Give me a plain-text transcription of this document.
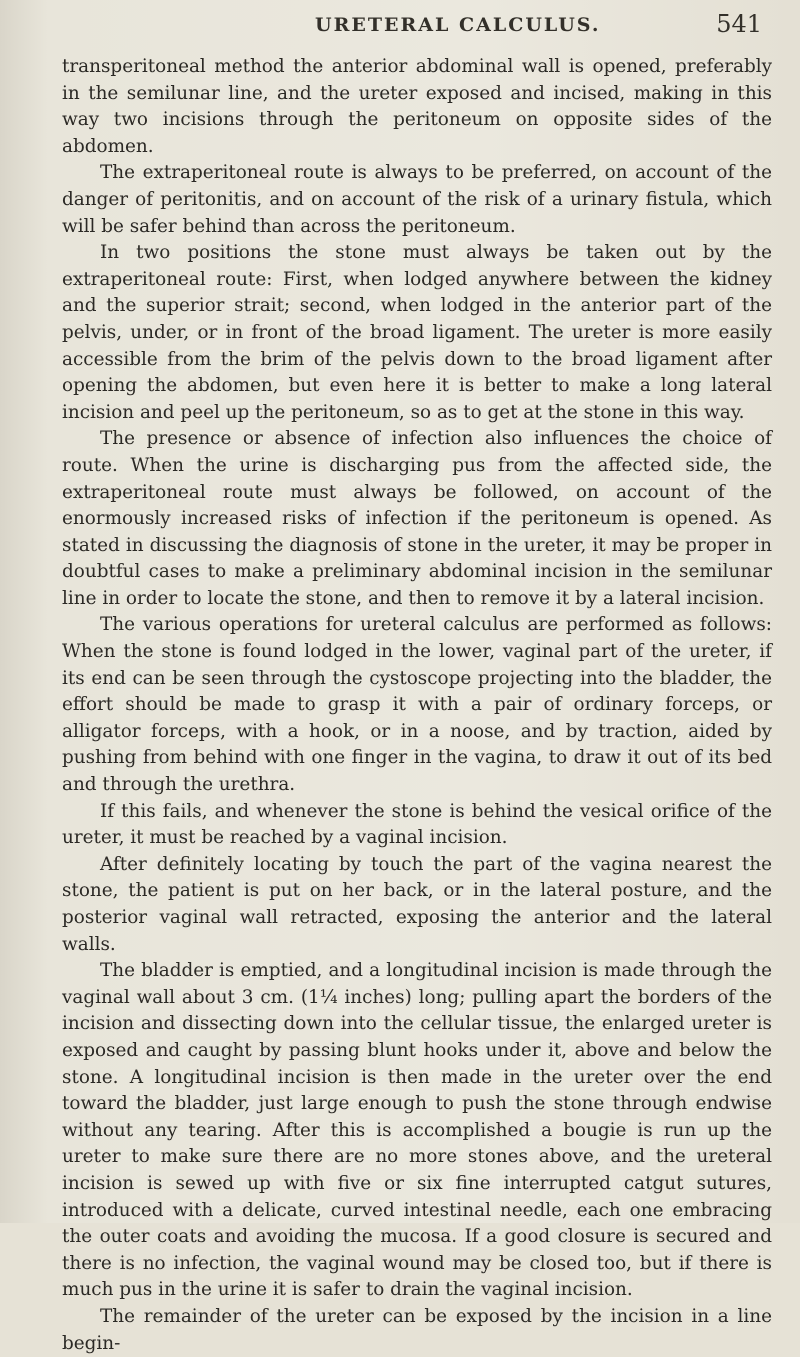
URETERAL CALCULUS.	541

transperitoneal method the anterior abdominal wall is opened, preferably in the semilunar line, and the ureter exposed and incised, making in this way two incisions through the peritoneum on opposite sides of the abdomen.

The extraperitoneal route is always to be preferred, on account of the danger of peritonitis, and on account of the risk of a urinary fistula, which will be safer behind than across the peritoneum.

In two positions the stone must always be taken out by the extraperitoneal route: First, when lodged anywhere between the kidney and the superior strait; second, when lodged in the anterior part of the pelvis, under, or in front of the broad ligament. The ureter is more easily accessible from the brim of the pelvis down to the broad ligament after opening the abdomen, but even here it is better to make a long lateral incision and peel up the peritoneum, so as to get at the stone in this way.

The presence or absence of infection also influences the choice of route. When the urine is discharging pus from the affected side, the extraperitoneal route must always be followed, on account of the enormously increased risks of infection if the peritoneum is opened. As stated in discussing the diagnosis of stone in the ureter, it may be proper in doubtful cases to make a preliminary abdominal incision in the semilunar line in order to locate the stone, and then to remove it by a lateral incision.

The various operations for ureteral calculus are performed as follows: When the stone is found lodged in the lower, vaginal part of the ureter, if its end can be seen through the cystoscope projecting into the bladder, the effort should be made to grasp it with a pair of ordinary forceps, or alligator forceps, with a hook, or in a noose, and by traction, aided by pushing from behind with one finger in the vagina, to draw it out of its bed and through the urethra.

If this fails, and whenever the stone is behind the vesical orifice of the ureter, it must be reached by a vaginal incision.

After definitely locating by touch the part of the vagina nearest the stone, the patient is put on her back, or in the lateral posture, and the posterior vaginal wall retracted, exposing the anterior and the lateral walls.

The bladder is emptied, and a longitudinal incision is made through the vaginal wall about 3 cm. (1¼ inches) long; pulling apart the borders of the incision and dissecting down into the cellular tissue, the enlarged ureter is exposed and caught by passing blunt hooks under it, above and below the stone. A longitudinal incision is then made in the ureter over the end toward the bladder, just large enough to push the stone through endwise without any tearing. After this is accomplished a bougie is run up the ureter to make sure there are no more stones above, and the ureteral incision is sewed up with five or six fine interrupted catgut sutures, introduced with a delicate, curved intestinal needle, each one embracing the outer coats and avoiding the mucosa. If a good closure is secured and there is no infection, the vaginal wound may be closed too, but if there is much pus in the urine it is safer to drain the vaginal incision.

The remainder of the ureter can be exposed by the incision in a line begin-
